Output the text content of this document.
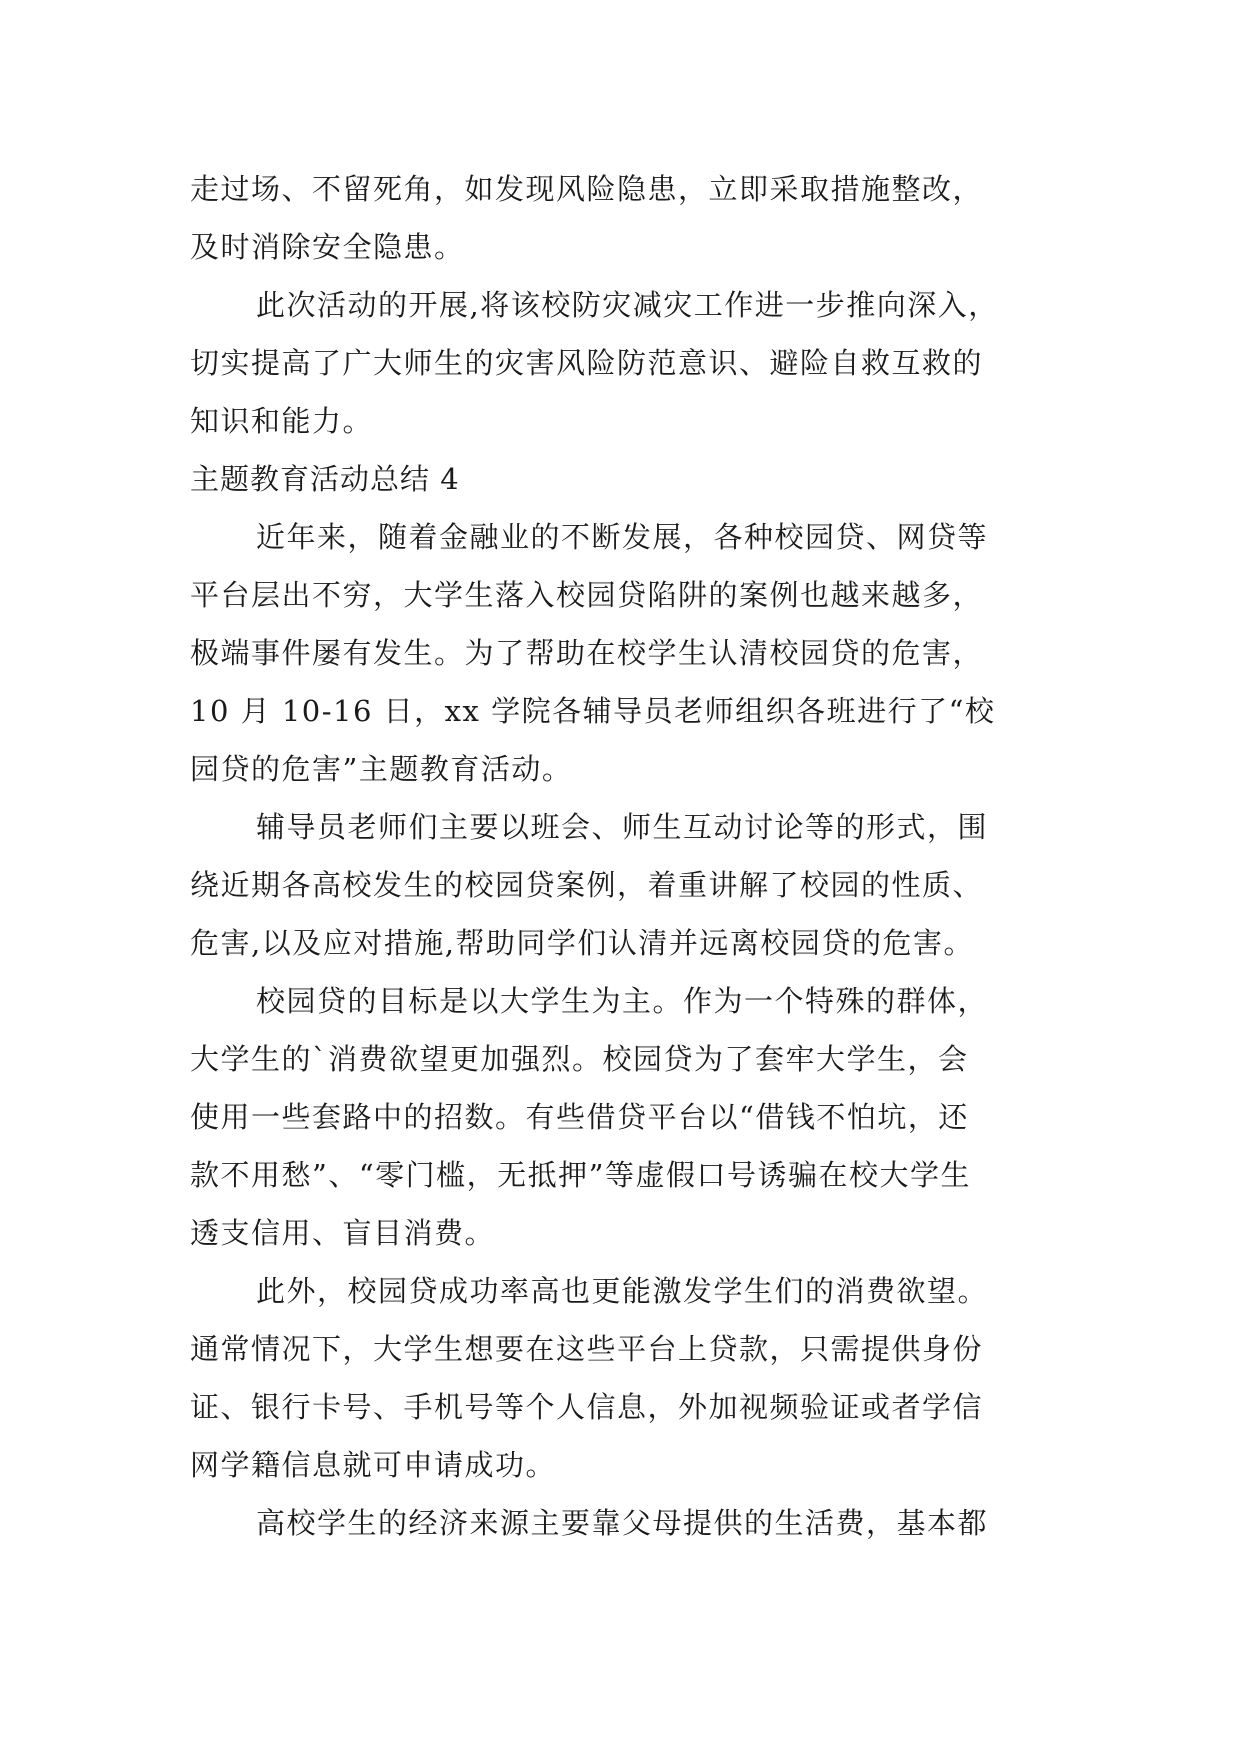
走过场、不留死角，如发现风险隐患，立即采取措施整改，
及时消除安全隐患。
此次活动的开展,将该校防灾减灾工作进一步推向深入，
切实提高了广大师生的灾害风险防范意识、避险自救互救的
知识和能力。
主题教育活动总结 4
近年来，随着金融业的不断发展，各种校园贷、网贷等
平台层出不穷，大学生落入校园贷陷阱的案例也越来越多，
极端事件屡有发生。为了帮助在校学生认清校园贷的危害，
10 月 10-16 日，xx 学院各辅导员老师组织各班进行了“校
园贷的危害”主题教育活动。
辅导员老师们主要以班会、师生互动讨论等的形式，围
绕近期各高校发生的校园贷案例，着重讲解了校园的性质、
危害,以及应对措施,帮助同学们认清并远离校园贷的危害。
校园贷的目标是以大学生为主。作为一个特殊的群体，
大学生的`消费欲望更加强烈。校园贷为了套牢大学生，会
使用一些套路中的招数。有些借贷平台以“借钱不怕坑，还
款不用愁”、“零门槛，无抵押”等虚假口号诱骗在校大学生
透支信用、盲目消费。
此外，校园贷成功率高也更能激发学生们的消费欲望。
通常情况下，大学生想要在这些平台上贷款，只需提供身份
证、银行卡号、手机号等个人信息，外加视频验证或者学信
网学籍信息就可申请成功。
高校学生的经济来源主要靠父母提供的生活费，基本都
